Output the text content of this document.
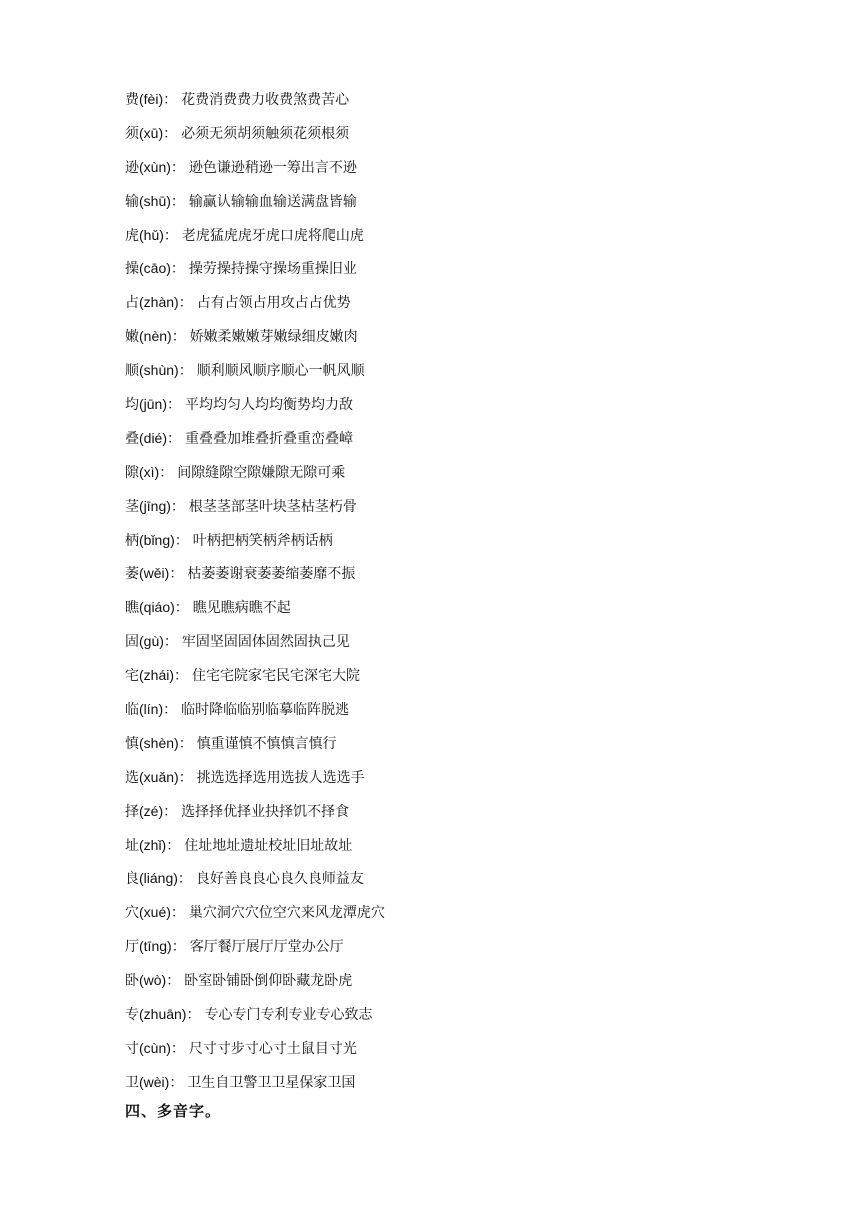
费(fèi)： 花费消费费力收费煞费苦心
须(xū)： 必须无须胡须触须花须根须
逊(xùn)： 逊色谦逊稍逊一筹出言不逊
输(shū)： 输赢认输输血输送满盘皆输
虎(hǔ)： 老虎猛虎虎牙虎口虎将爬山虎
操(cāo)： 操劳操持操守操场重操旧业
占(zhàn)： 占有占领占用攻占占优势
嫩(nèn)： 娇嫩柔嫩嫩芽嫩绿细皮嫩肉
顺(shùn)： 顺利顺风顺序顺心一帆风顺
均(jūn)： 平均均匀人均均衡势均力敌
叠(dié)： 重叠叠加堆叠折叠重峦叠嶂
隙(xì)： 间隙缝隙空隙嫌隙无隙可乘
茎(jīng)： 根茎茎部茎叶块茎枯茎朽骨
柄(bǐng)： 叶柄把柄笑柄斧柄话柄
萎(wěi)： 枯萎萎谢衰萎萎缩萎靡不振
瞧(qiáo)： 瞧见瞧病瞧不起
固(gù)： 牢固坚固固体固然固执己见
宅(zhái)： 住宅宅院家宅民宅深宅大院
临(lín)： 临时降临临别临摹临阵脱逃
慎(shèn)： 慎重谨慎不慎慎言慎行
选(xuǎn)： 挑选选择选用选拔人选选手
择(zé)： 选择择优择业抉择饥不择食
址(zhǐ)： 住址地址遗址校址旧址故址
良(liáng)： 良好善良良心良久良师益友
穴(xué)： 巢穴洞穴穴位空穴来风龙潭虎穴
厅(tīng)： 客厅餐厅展厅厅堂办公厅
卧(wò)： 卧室卧铺卧倒仰卧藏龙卧虎
专(zhuān)： 专心专门专利专业专心致志
寸(cùn)： 尺寸寸步寸心寸土鼠目寸光
卫(wèi)： 卫生自卫警卫卫星保家卫国
四、多音字。
